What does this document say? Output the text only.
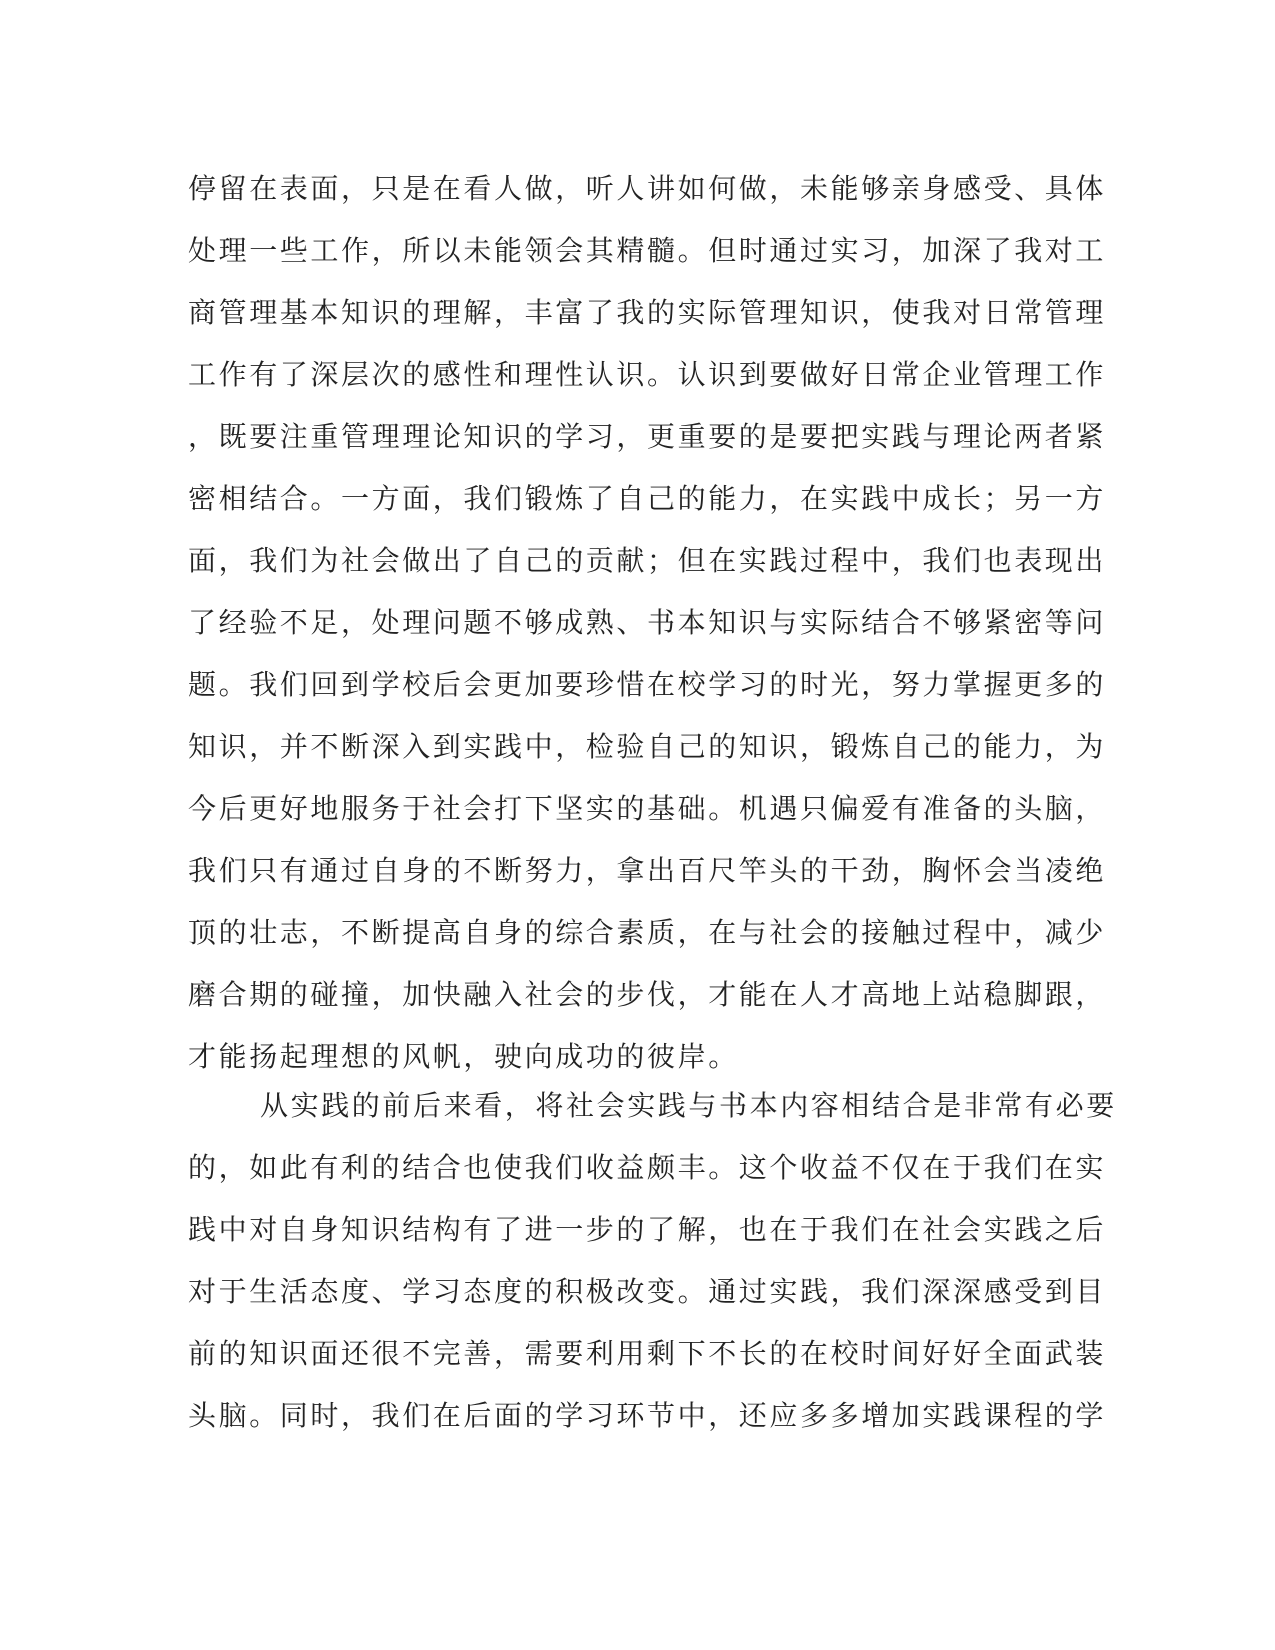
停留在表面，只是在看人做，听人讲如何做，未能够亲身感受、具体
处理一些工作，所以未能领会其精髓。但时通过实习，加深了我对工
商管理基本知识的理解，丰富了我的实际管理知识，使我对日常管理
工作有了深层次的感性和理性认识。认识到要做好日常企业管理工作
，既要注重管理理论知识的学习，更重要的是要把实践与理论两者紧
密相结合。一方面，我们锻炼了自己的能力，在实践中成长；另一方
面，我们为社会做出了自己的贡献；但在实践过程中，我们也表现出
了经验不足，处理问题不够成熟、书本知识与实际结合不够紧密等问
题。我们回到学校后会更加要珍惜在校学习的时光，努力掌握更多的
知识，并不断深入到实践中，检验自己的知识，锻炼自己的能力，为
今后更好地服务于社会打下坚实的基础。机遇只偏爱有准备的头脑，
我们只有通过自身的不断努力，拿出百尺竿头的干劲，胸怀会当凌绝
顶的壮志，不断提高自身的综合素质，在与社会的接触过程中，减少
磨合期的碰撞，加快融入社会的步伐，才能在人才高地上站稳脚跟，
才能扬起理想的风帆，驶向成功的彼岸。
从实践的前后来看，将社会实践与书本内容相结合是非常有必要
的，如此有利的结合也使我们收益颇丰。这个收益不仅在于我们在实
践中对自身知识结构有了进一步的了解，也在于我们在社会实践之后
对于生活态度、学习态度的积极改变。通过实践，我们深深感受到目
前的知识面还很不完善，需要利用剩下不长的在校时间好好全面武装
头脑。同时，我们在后面的学习环节中，还应多多增加实践课程的学
